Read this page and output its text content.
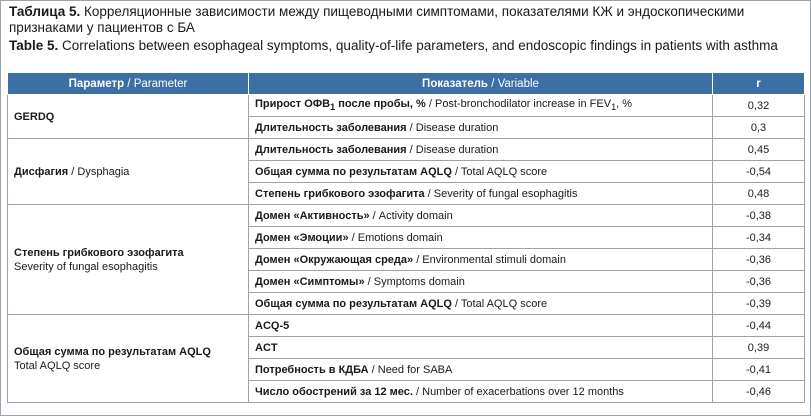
Таблица 5. Корреляционные зависимости между пищеводными симптомами, показателями КЖ и эндоскопическими признаками у пациентов с БА
Table 5. Correlations between esophageal symptoms, quality-of-life parameters, and endoscopic findings in patients with asthma
Параметр / Parameter	Показатель / Variable	r
GERDQ	Прирост $ОФВ_1$ после пробы, % / Post-bronchodilator increase in $FEV_1$, %	0,32
	Длительность заболевания / Disease duration	0,3
Дисфагия / Dysphagia	Длительность заболевания / Disease duration	0,45
	Общая сумма по результатам AQLQ / Total AQLQ score	-0,54
	Степень грибкового эзофагита / Severity of fungal esophagitis	0,48

Степень грибкового эзофагита
Severity of fungal esophagitis	Домен «Активность» / Activity domain	-0,38
	Домен «Эмоции» / Emotions domain	-0,34
	Домен «Окружающая среда» / Environmental stimuli domain	-0,36
	Домен «Симптомы» / Symptoms domain	-0,36
	Общая сумма по результатам AQLQ / Total AQLQ score	-0,39

Общая сумма по результатам AQLQ
Total AQLQ score	ACQ-5	-0,44
	ACT	0,39
	Потребность в КДБА / Need for SABA	-0,41
	Число обострений за 12 мес. / Number of exacerbations over 12 months	-0,46
